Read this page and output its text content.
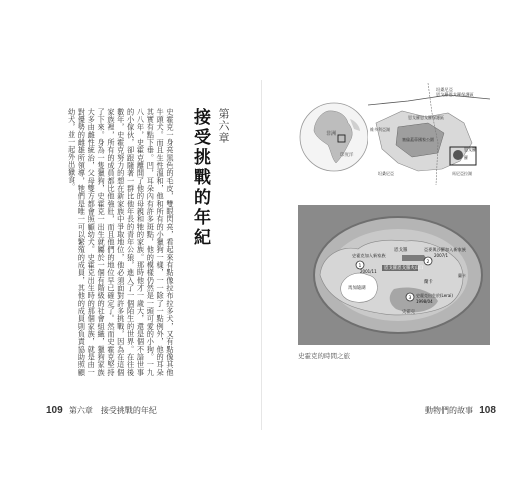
第六章
接受挑戰的年紀
史霍克一身亮黑色的毛皮，雙眼閃亮，看起來有點像拉布拉多犬，又有點像其他牛頭犬。而且生性溫和，他和所有的小獵狗一樣，一一除了一點例外，他的耳朵其實有點下垂。凹，耳朵內有許多斑點，他的模樣仍然是一頭可愛的小狗。一九八八年，史霍克離開了他的母親和牠的家族。那時他才一歲大，還是個不諳世事的小傢伙，卻跟隨著一群比他年長的青年公狼，進入了一個陌生的世界。在往後數年，史霍克努力的想在新家族中爭取地位，他必須面對許多挑戰，因為在這個家族裡，所有的成員都比他強壯，而且他們的地位早已確定了。然而史霍克堅持了下來。身為一隻獵狗，史霍克一出生就屬於一個有階級的社會組織，獵狗家族大多由雌性統治，父母雙方都會照顧幼犬。史霍克出生時的那個家族，就是由一對優勢的雌雄所領導，牠們是唯一可以繁殖的成員，其他的成員則負責協助照顧幼犬，並一起外出獵食。
109 第六章　接受挑戰的年紀	動物們的故事 108
非洲
印度洋
坦桑尼亞
恩戈羅恩戈羅保護區
恩戈羅恩戈羅保護區
塞倫蓋蒂國家公園
坦桑尼亞
維多利亞湖
馬尼亞拉湖
恩戈羅
羅
1
2
3
恩戈羅
史霍克加入新家族
2001/11
亞麥與沙羅加入新家族
2007/1
恩戈羅恩戈羅火山口
蘭卡
馬加迪湖
史霍克出生於(Lerai)
1998/04
史霍克
蘭卡
史霍克的時間之旅
